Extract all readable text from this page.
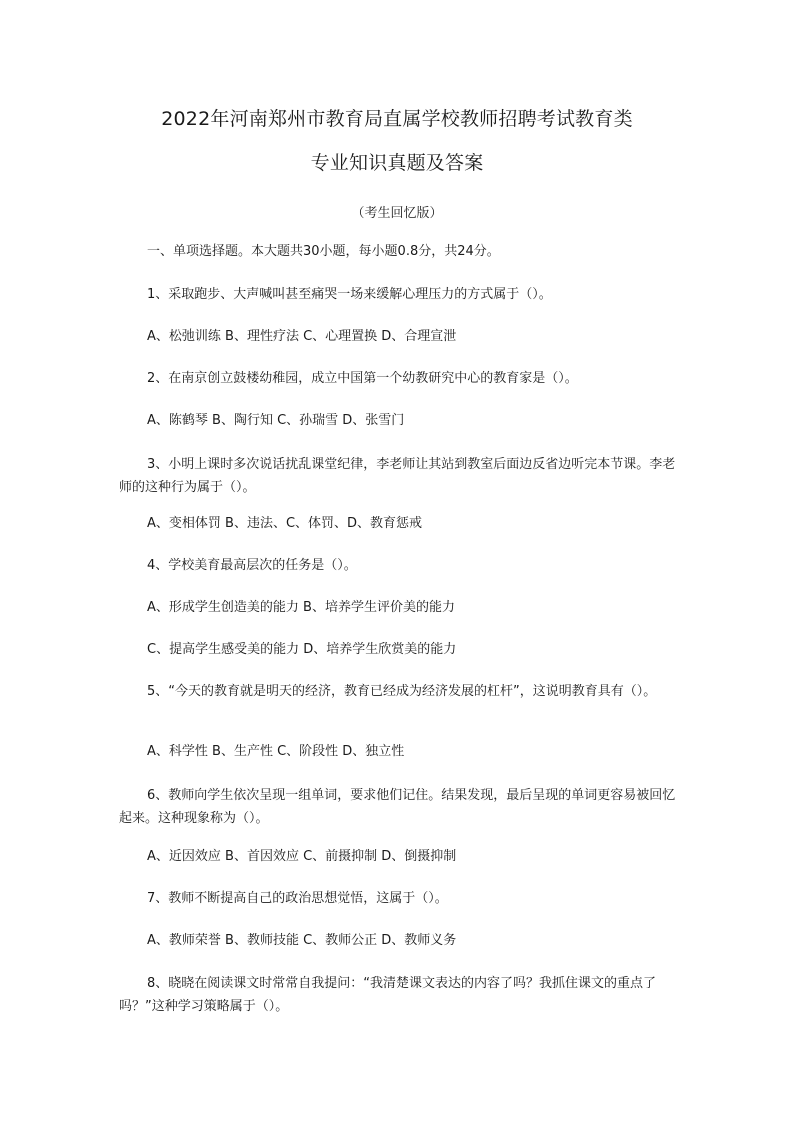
2022年河南郑州市教育局直属学校教师招聘考试教育类
专业知识真题及答案
（考生回忆版）

一、单项选择题。本大题共30小题，每小题0.8分，共24分。

1、采取跑步、大声喊叫甚至痛哭一场来缓解心理压力的方式属于（）。

A、松弛训练 B、理性疗法 C、心理置换 D、合理宣泄

2、在南京创立鼓楼幼稚园，成立中国第一个幼教研究中心的教育家是（）。

A、陈鹤琴 B、陶行知 C、孙瑞雪 D、张雪门

3、小明上课时多次说话扰乱课堂纪律，李老师让其站到教室后面边反省边听完本节课。李老师的这种行为属于（）。

A、变相体罚 B、违法、C、体罚、D、教育惩戒

4、学校美育最高层次的任务是（）。

A、形成学生创造美的能力 B、培养学生评价美的能力

C、提高学生感受美的能力 D、培养学生欣赏美的能力

5、“今天的教育就是明天的经济，教育已经成为经济发展的杠杆”，这说明教育具有（）。

A、科学性 B、生产性 C、阶段性 D、独立性

6、教师向学生依次呈现一组单词，要求他们记住。结果发现，最后呈现的单词更容易被回忆起来。这种现象称为（）。

A、近因效应 B、首因效应 C、前摄抑制 D、倒摄抑制

7、教师不断提高自己的政治思想觉悟，这属于（）。

A、教师荣誉 B、教师技能 C、教师公正 D、教师义务

8、晓晓在阅读课文时常常自我提问：“我清楚课文表达的内容了吗？我抓住课文的重点了吗？”这种学习策略属于（）。
